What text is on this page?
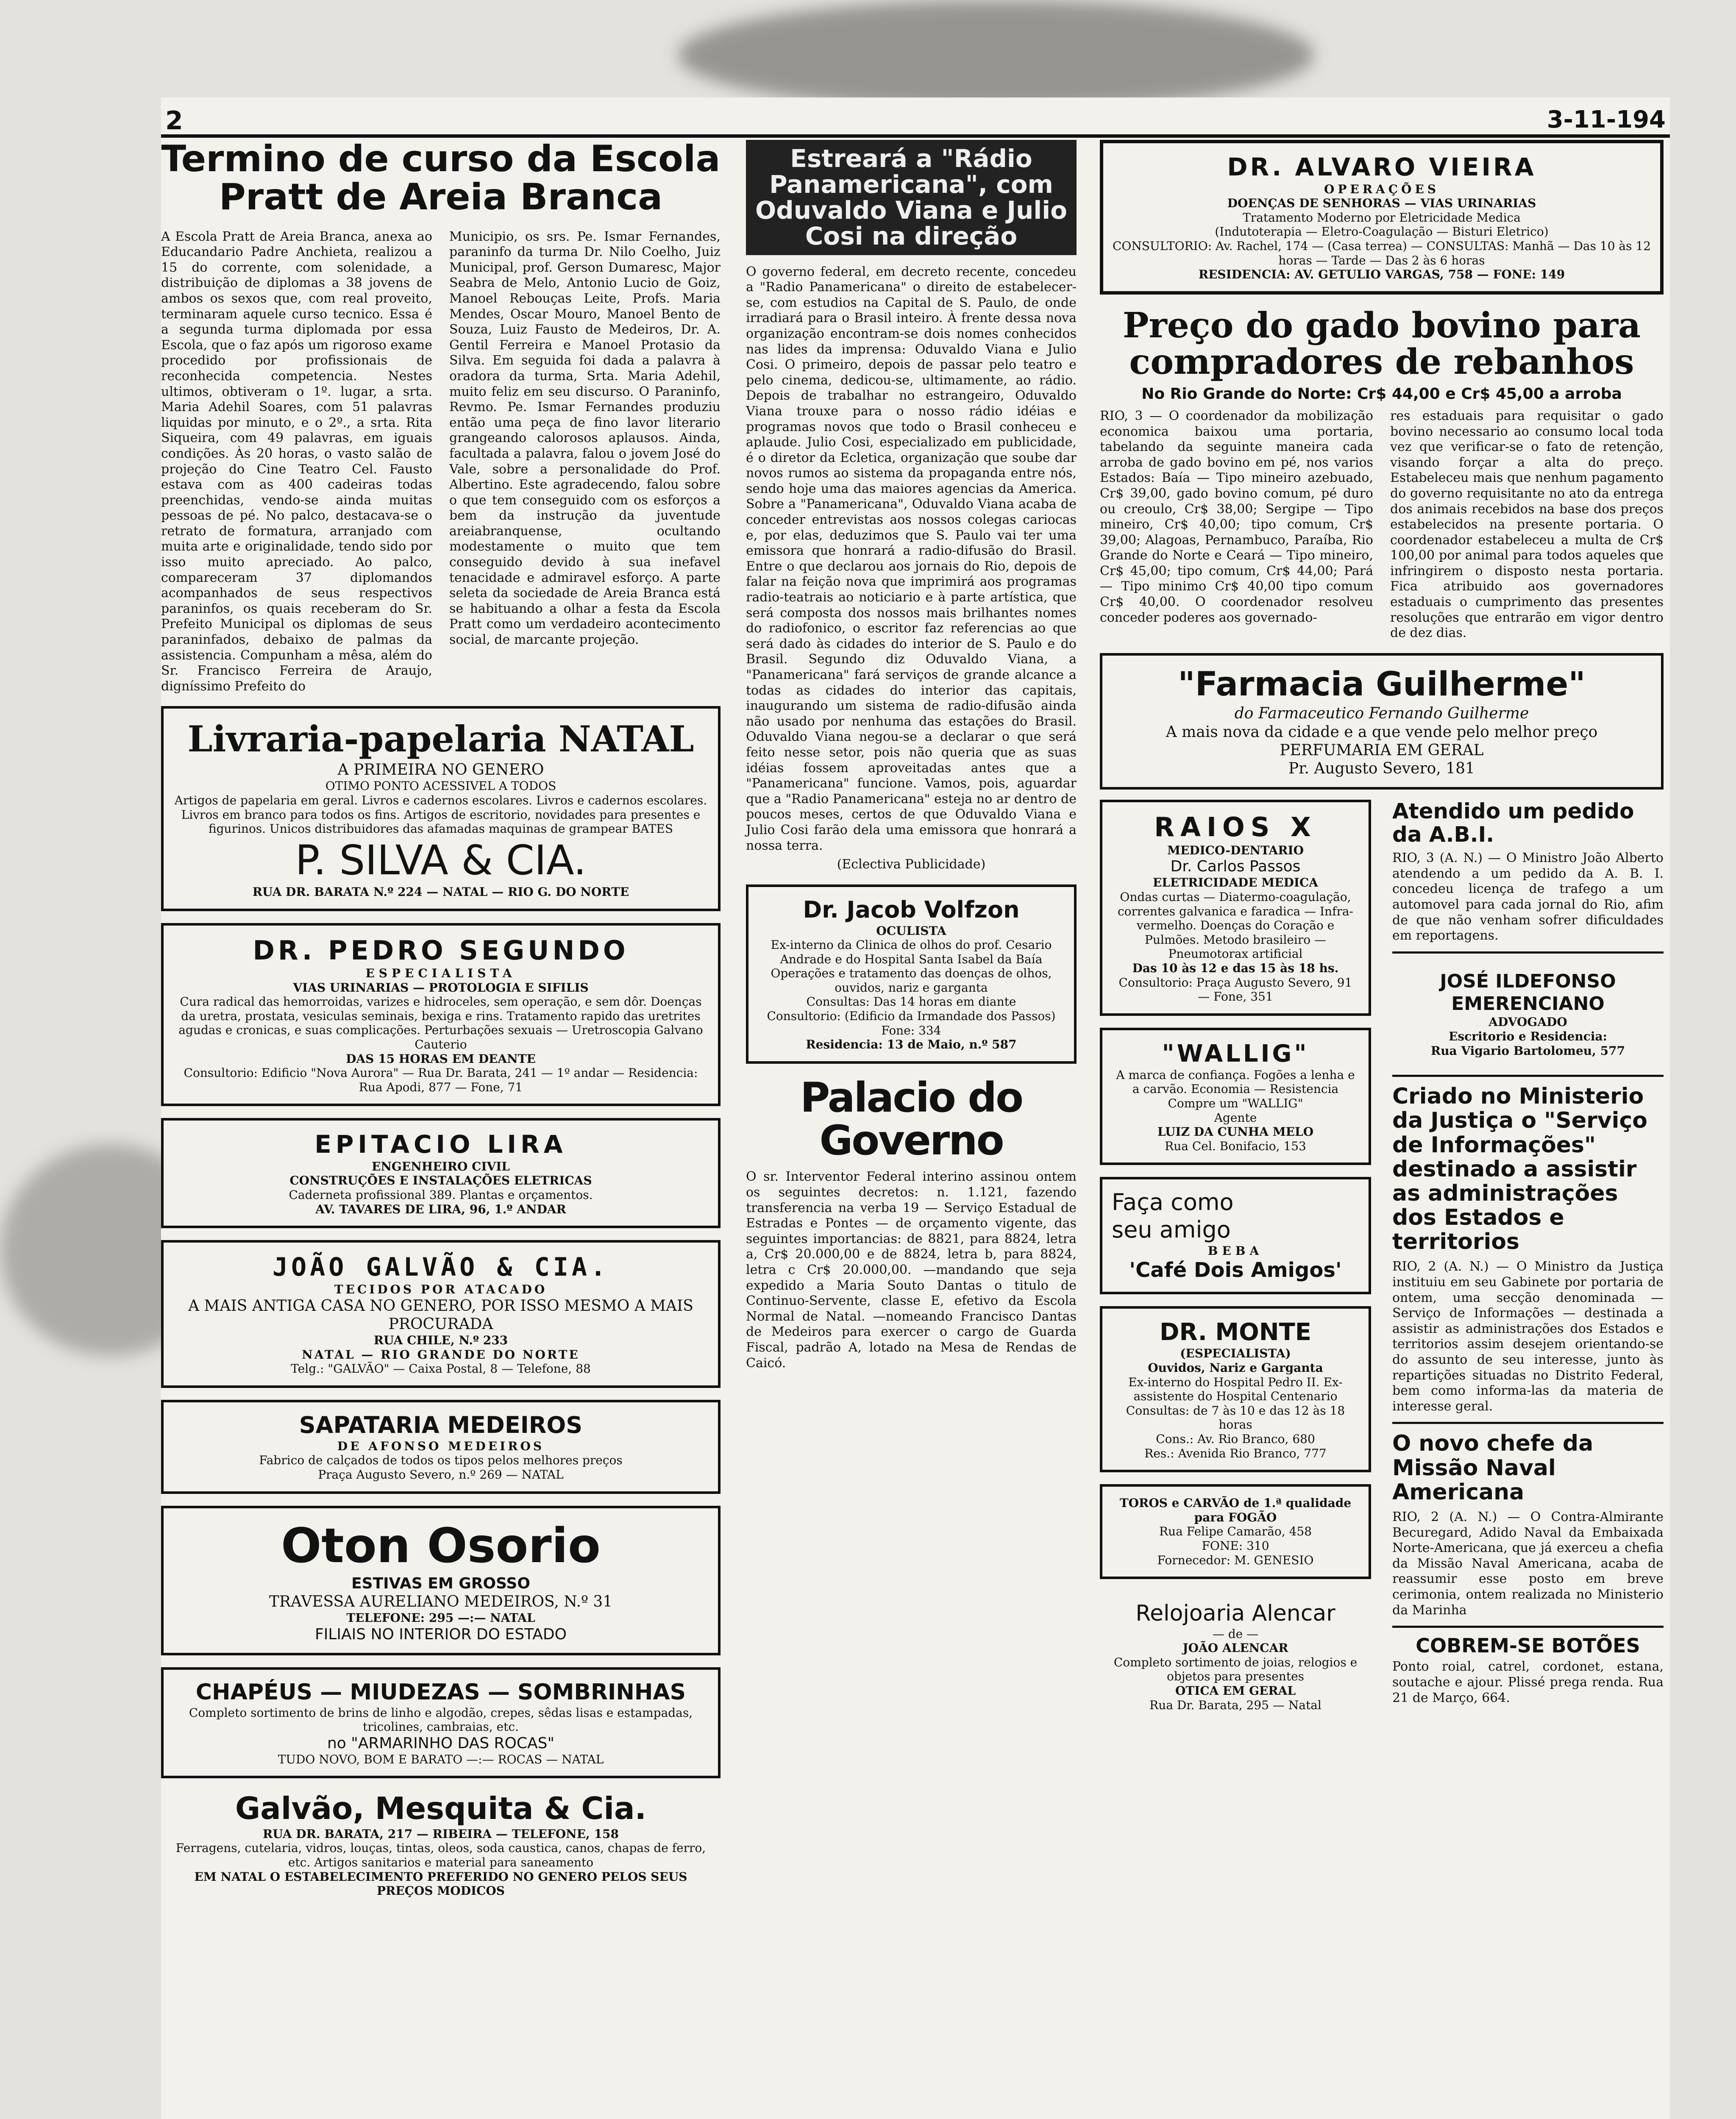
2	3-11-194
Termino de curso da Escola
Pratt de Areia Branca
A Escola Pratt de Areia Branca, anexa ao Educandario Padre Anchieta, realizou a 15 do corrente, com solenidade, a distribuição de diplomas a 38 jovens de ambos os sexos que, com real proveito, terminaram aquele curso tecnico. Essa é a segunda turma diplomada por essa Escola, que o faz após um rigoroso exame procedido por profissionais de reconhecida competencia. Nestes ultimos, obtiveram o 1º. lugar, a srta. Maria Adehil Soares, com 51 palavras liquidas por minuto, e o 2º., a srta. Rita Siqueira, com 49 palavras, em iguais condições. Às 20 horas, o vasto salão de projeção do Cine Teatro Cel. Fausto estava com as 400 cadeiras todas preenchidas, vendo-se ainda muitas pessoas de pé. No palco, destacava-se o retrato de formatura, arranjado com muita arte e originalidade, tendo sido por isso muito apreciado. Ao palco, compareceram 37 diplomandos acompanhados de seus respectivos paraninfos, os quais receberam do Sr. Prefeito Municipal os diplomas de seus paraninfados, debaixo de palmas da assistencia. Compunham a mêsa, além do Sr. Francisco Ferreira de Araujo, digníssimo Prefeito do
Municipio, os srs. Pe. Ismar Fernandes, paraninfo da turma Dr. Nilo Coelho, Juiz Municipal, prof. Gerson Dumaresc, Major Seabra de Melo, Antonio Lucio de Goiz, Manoel Rebouças Leite, Profs. Maria Mendes, Oscar Mouro, Manoel Bento de Souza, Luiz Fausto de Medeiros, Dr. A. Gentil Ferreira e Manoel Protasio da Silva. Em seguida foi dada a palavra à oradora da turma, Srta. Maria Adehil, muito feliz em seu discurso. O Paraninfo, Revmo. Pe. Ismar Fernandes produziu então uma peça de fino lavor literario grangeando calorosos aplausos. Ainda, facultada a palavra, falou o jovem José do Vale, sobre a personalidade do Prof. Albertino. Este agradecendo, falou sobre o que tem conseguido com os esforços a bem da instrução da juventude areiabranquense, ocultando modestamente o muito que tem conseguido devido à sua inefavel tenacidade e admiravel esforço. A parte seleta da sociedade de Areia Branca está se habituando a olhar a festa da Escola Pratt como um verdadeiro acontecimento social, de marcante projeção.
Livraria-papelaria NATAL
A PRIMEIRA NO GENERO
OTIMO PONTO ACESSIVEL A TODOS
Artigos de papelaria em geral. Livros e cadernos escolares. Livros e cadernos escolares. Livros em branco para todos os fins. Artigos de escritorio, novidades para presentes e figurinos. Unicos distribuidores das afamadas maquinas de grampear BATES
P. SILVA & CIA.
RUA DR. BARATA N.º 224 — NATAL — RIO G. DO NORTE
DR. PEDRO SEGUNDO
ESPECIALISTA
VIAS URINARIAS — PROTOLOGIA E SIFILIS
Cura radical das hemorroidas, varizes e hidroceles, sem operação, e sem dôr. Doenças da uretra, prostata, vesiculas seminais, bexiga e rins. Tratamento rapido das uretrites agudas e cronicas, e suas complicações. Perturbações sexuais — Uretroscopia Galvano Cauterio
DAS 15 HORAS EM DEANTE
Consultorio: Edificio "Nova Aurora" — Rua Dr. Barata, 241 — 1º andar — Residencia: Rua Apodi, 877 — Fone, 71
EPITACIO LIRA
ENGENHEIRO CIVIL
CONSTRUÇÕES E INSTALAÇÕES ELETRICAS
Caderneta profissional 389. Plantas e orçamentos.
AV. TAVARES DE LIRA, 96, 1.º ANDAR
JOÃO GALVÃO & CIA.
TECIDOS POR ATACADO
A MAIS ANTIGA CASA NO GENERO, POR ISSO MESMO A MAIS PROCURADA
RUA CHILE, N.º 233
NATAL — RIO GRANDE DO NORTE
Telg.: "GALVÃO" — Caixa Postal, 8 — Telefone, 88
SAPATARIA MEDEIROS
DE AFONSO MEDEIROS
Fabrico de calçados de todos os tipos pelos melhores preços
Praça Augusto Severo, n.º 269 — NATAL
Oton Osorio
ESTIVAS EM GROSSO
TRAVESSA AURELIANO MEDEIROS, N.º 31
TELEFONE: 295 —:— NATAL
FILIAIS NO INTERIOR DO ESTADO
CHAPÉUS — MIUDEZAS — SOMBRINHAS
Completo sortimento de brins de linho e algodão, crepes, sêdas lisas e estampadas, tricolines, cambraias, etc.
no "ARMARINHO DAS ROCAS"
TUDO NOVO, BOM E BARATO —:— ROCAS — NATAL
Galvão, Mesquita & Cia.
RUA DR. BARATA, 217 — RIBEIRA — TELEFONE, 158
Ferragens, cutelaria, vidros, louças, tintas, oleos, soda caustica, canos, chapas de ferro, etc. Artigos sanitarios e material para saneamento
EM NATAL O ESTABELECIMENTO PREFERIDO NO GENERO PELOS SEUS PREÇOS MODICOS
Estreará a "Rádio Panamericana", com Oduvaldo Viana e Julio Cosi na direção
O governo federal, em decreto recente, concedeu a "Radio Panamericana" o direito de estabelecer-se, com estudios na Capital de S. Paulo, de onde irradiará para o Brasil inteiro. À frente dessa nova organização encontram-se dois nomes conhecidos nas lides da imprensa: Oduvaldo Viana e Julio Cosi. O primeiro, depois de passar pelo teatro e pelo cinema, dedicou-se, ultimamente, ao rádio. Depois de trabalhar no estrangeiro, Oduvaldo Viana trouxe para o nosso rádio idéias e programas novos que todo o Brasil conheceu e aplaude. Julio Cosi, especializado em publicidade, é o diretor da Ecletica, organização que soube dar novos rumos ao sistema da propaganda entre nós, sendo hoje uma das maiores agencias da America. Sobre a "Panamericana", Oduvaldo Viana acaba de conceder entrevistas aos nossos colegas cariocas e, por elas, deduzimos que S. Paulo vai ter uma emissora que honrará a radio-difusão do Brasil. Entre o que declarou aos jornais do Rio, depois de falar na feição nova que imprimirá aos programas radio-teatrais ao noticiario e à parte artística, que será composta dos nossos mais brilhantes nomes do radiofonico, o escritor faz referencias ao que será dado às cidades do interior de S. Paulo e do Brasil. Segundo diz Oduvaldo Viana, a "Panamericana" fará serviços de grande alcance a todas as cidades do interior das capitais, inaugurando um sistema de radio-difusão ainda não usado por nenhuma das estações do Brasil. Oduvaldo Viana negou-se a declarar o que será feito nesse setor, pois não queria que as suas idéias fossem aproveitadas antes que a "Panamericana" funcione. Vamos, pois, aguardar que a "Radio Panamericana" esteja no ar dentro de poucos meses, certos de que Oduvaldo Viana e Julio Cosi farão dela uma emissora que honrará a nossa terra.
(Eclectiva Publicidade)
Dr. Jacob Volfzon
OCULISTA
Ex-interno da Clinica de olhos do prof. Cesario Andrade e do Hospital Santa Isabel da Baía
Operações e tratamento das doenças de olhos, ouvidos, nariz e garganta
Consultas: Das 14 horas em diante
Consultorio: (Edificio da Irmandade dos Passos) Fone: 334
Residencia: 13 de Maio, n.º 587
Palacio do Governo
O sr. Interventor Federal interino assinou ontem os seguintes decretos: n. 1.121, fazendo transferencia na verba 19 — Serviço Estadual de Estradas e Pontes — de orçamento vigente, das seguintes importancias: de 8821, para 8824, letra a, Cr$ 20.000,00 e de 8824, letra b, para 8824, letra c Cr$ 20.000,00. —mandando que seja expedido a Maria Souto Dantas o titulo de Continuo-Servente, classe E, efetivo da Escola Normal de Natal. —nomeando Francisco Dantas de Medeiros para exercer o cargo de Guarda Fiscal, padrão A, lotado na Mesa de Rendas de Caicó.
DR. ALVARO VIEIRA
OPERAÇÕES
DOENÇAS DE SENHORAS — VIAS URINARIAS
Tratamento Moderno por Eletricidade Medica
(Indutoterapia — Eletro-Coagulação — Bisturi Eletrico)
CONSULTORIO: Av. Rachel, 174 — (Casa terrea) — CONSULTAS: Manhã — Das 10 às 12 horas — Tarde — Das 2 às 6 horas
RESIDENCIA: AV. GETULIO VARGAS, 758 — FONE: 149
Preço do gado bovino para compradores de rebanhos
No Rio Grande do Norte: Cr$ 44,00 e Cr$ 45,00 a arroba
RIO, 3 — O coordenador da mobilização economica baixou uma portaria, tabelando da seguinte maneira cada arroba de gado bovino em pé, nos varios Estados: Baía — Tipo mineiro azebuado, Cr$ 39,00, gado bovino comum, pé duro ou creoulo, Cr$ 38,00; Sergipe — Tipo mineiro, Cr$ 40,00; tipo comum, Cr$ 39,00; Alagoas, Pernambuco, Paraíba, Rio Grande do Norte e Ceará — Tipo mineiro, Cr$ 45,00; tipo comum, Cr$ 44,00; Pará — Tipo minimo Cr$ 40,00 tipo comum Cr$ 40,00. O coordenador resolveu conceder poderes aos governado-
res estaduais para requisitar o gado bovino necessario ao consumo local toda vez que verificar-se o fato de retenção, visando forçar a alta do preço. Estabeleceu mais que nenhum pagamento do governo requisitante no ato da entrega dos animais recebidos na base dos preços estabelecidos na presente portaria. O coordenador estabeleceu a multa de Cr$ 100,00 por animal para todos aqueles que infringirem o disposto nesta portaria. Fica atribuido aos governadores estaduais o cumprimento das presentes resoluções que entrarão em vigor dentro de dez dias.
"Farmacia Guilherme"
do Farmaceutico Fernando Guilherme
A mais nova da cidade e a que vende pelo melhor preço
PERFUMARIA EM GERAL
Pr. Augusto Severo, 181
RAIOS X
MEDICO-DENTARIO
Dr. Carlos Passos
ELETRICIDADE MEDICA
Ondas curtas — Diatermo-coagulação, correntes galvanica e faradica — Infra-vermelho. Doenças do Coração e Pulmões. Metodo brasileiro — Pneumotorax artificial
Das 10 às 12 e das 15 às 18 hs.
Consultorio: Praça Augusto Severo, 91 — Fone, 351
"WALLIG"
A marca de confiança. Fogões a lenha e a carvão. Economia — Resistencia
Compre um "WALLIG"
Agente
LUIZ DA CUNHA MELO
Rua Cel. Bonifacio, 153
Faça como
seu amigo
BEBA
'Café Dois Amigos'
DR. MONTE
(ESPECIALISTA)
Ouvidos, Nariz e Garganta
Ex-interno do Hospital Pedro II. Ex-assistente do Hospital Centenario
Consultas: de 7 às 10 e das 12 às 18 horas
Cons.: Av. Rio Branco, 680
Res.: Avenida Rio Branco, 777
TOROS e CARVÃO de 1.ª qualidade para FOGÃO
Rua Felipe Camarão, 458
FONE: 310
Fornecedor: M. GENESIO
Relojoaria Alencar
— de —
JOÃO ALENCAR
Completo sortimento de joias, relogios e objetos para presentes
OTICA EM GERAL
Rua Dr. Barata, 295 — Natal
Atendido um pedido da A.B.I.
RIO, 3 (A. N.) — O Ministro João Alberto atendendo a um pedido da A. B. I. concedeu licença de trafego a um automovel para cada jornal do Rio, afim de que não venham sofrer dificuldades em reportagens.
JOSÉ ILDEFONSO EMERENCIANO
ADVOGADO
Escritorio e Residencia:
Rua Vigario Bartolomeu, 577
Criado no Ministerio da Justiça o "Serviço de Informações" destinado a assistir as administrações dos Estados e territorios
RIO, 2 (A. N.) — O Ministro da Justiça instituiu em seu Gabinete por portaria de ontem, uma secção denominada — Serviço de Informações — destinada a assistir as administrações dos Estados e territorios assim desejem orientando-se do assunto de seu interesse, junto às repartições situadas no Distrito Federal, bem como informa-las da materia de interesse geral.
O novo chefe da Missão Naval Americana
RIO, 2 (A. N.) — O Contra-Almirante Becuregard, Adido Naval da Embaixada Norte-Americana, que já exerceu a chefia da Missão Naval Americana, acaba de reassumir esse posto em breve cerimonia, ontem realizada no Ministerio da Marinha
COBREM-SE BOTÕES
Ponto roial, catrel, cordonet, estana, soutache e ajour. Plissé prega renda. Rua 21 de Março, 664.
